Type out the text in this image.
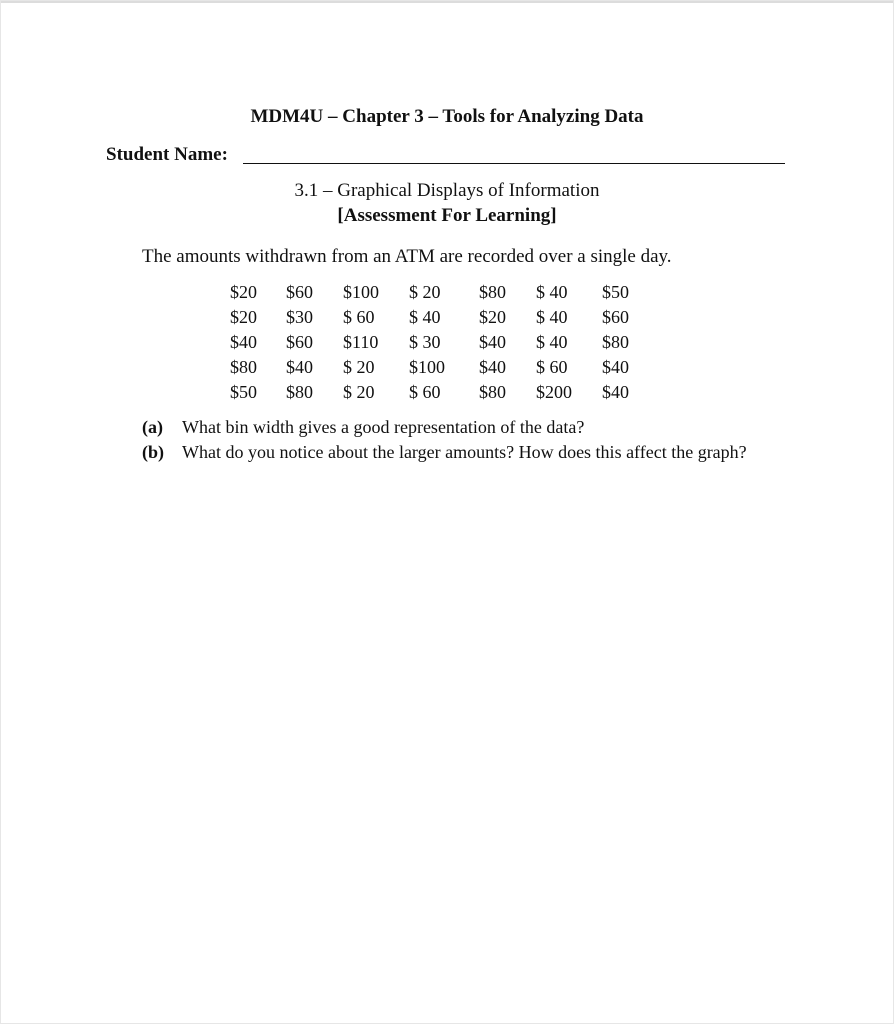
MDM4U – Chapter 3 – Tools for Analyzing Data
Student Name:
3.1 – Graphical Displays of Information
[Assessment For Learning]
The amounts withdrawn from an ATM are recorded over a single day.
$20	$60	$100	$ 20	$80	$ 40	$50
$20	$30	$ 60	$ 40	$20	$ 40	$60
$40	$60	$110	$ 30	$40	$ 40	$80
$80	$40	$ 20	$100	$40	$ 60	$40
$50	$80	$ 20	$ 60	$80	$200	$40
(a)	What bin width gives a good representation of the data?
(b)	What do you notice about the larger amounts? How does this affect the graph?
